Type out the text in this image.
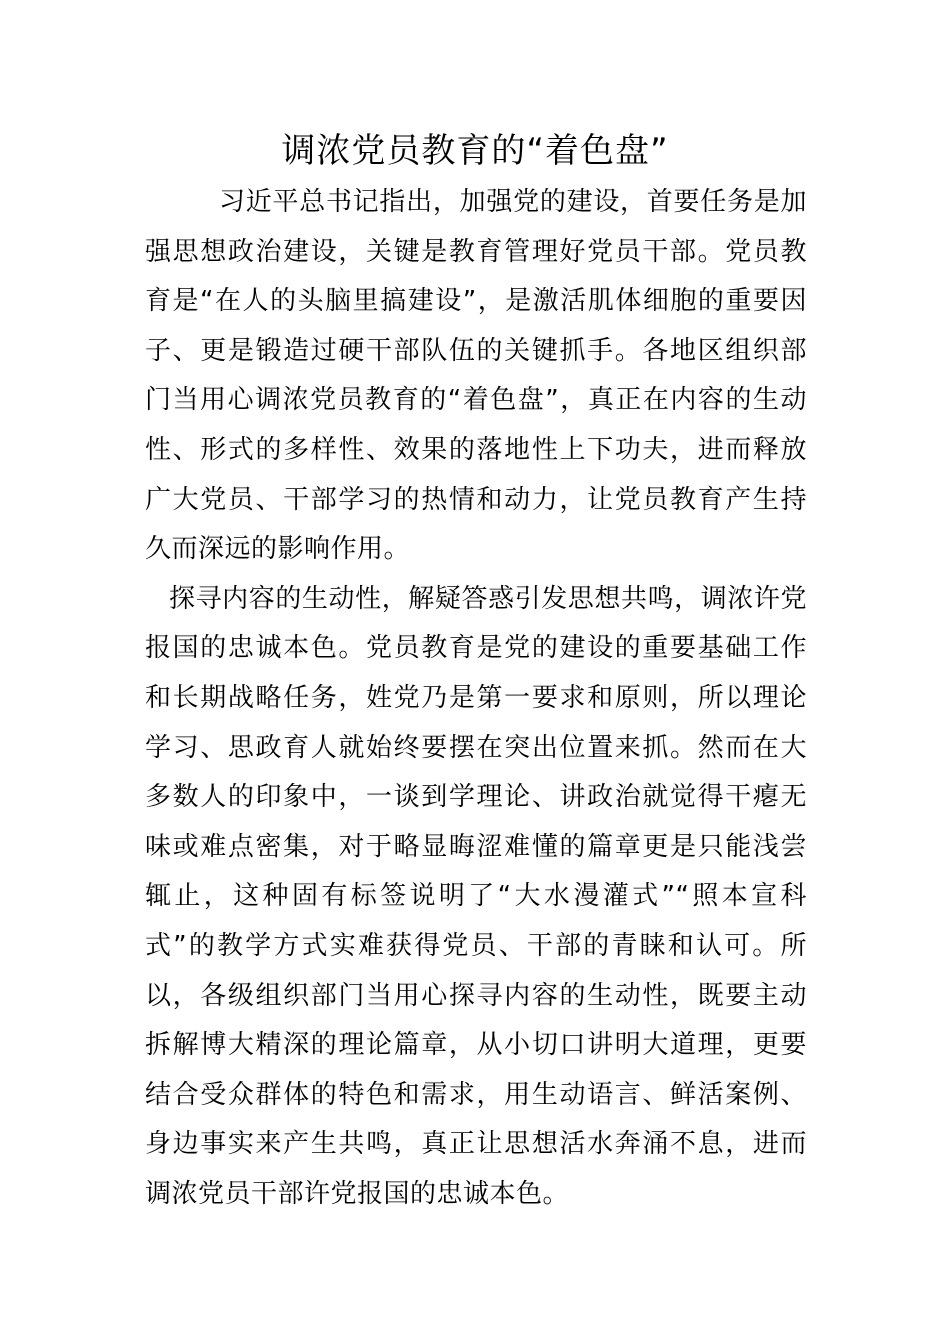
调浓党员教育的“着色盘”

习近平总书记指出，加强党的建设，首要任务是加强思想政治建设，关键是教育管理好党员干部。党员教育是“在人的头脑里搞建设”，是激活肌体细胞的重要因子、更是锻造过硬干部队伍的关键抓手。各地区组织部门当用心调浓党员教育的“着色盘”，真正在内容的生动性、形式的多样性、效果的落地性上下功夫，进而释放广大党员、干部学习的热情和动力，让党员教育产生持久而深远的影响作用。

探寻内容的生动性，解疑答惑引发思想共鸣，调浓许党报国的忠诚本色。党员教育是党的建设的重要基础工作和长期战略任务，姓党乃是第一要求和原则，所以理论学习、思政育人就始终要摆在突出位置来抓。然而在大多数人的印象中，一谈到学理论、讲政治就觉得干瘪无味或难点密集，对于略显晦涩难懂的篇章更是只能浅尝辄止，这种固有标签说明了“大水漫灌式”“照本宣科式”的教学方式实难获得党员、干部的青睐和认可。所以，各级组织部门当用心探寻内容的生动性，既要主动拆解博大精深的理论篇章，从小切口讲明大道理，更要结合受众群体的特色和需求，用生动语言、鲜活案例、身边事实来产生共鸣，真正让思想活水奔涌不息，进而调浓党员干部许党报国的忠诚本色。
